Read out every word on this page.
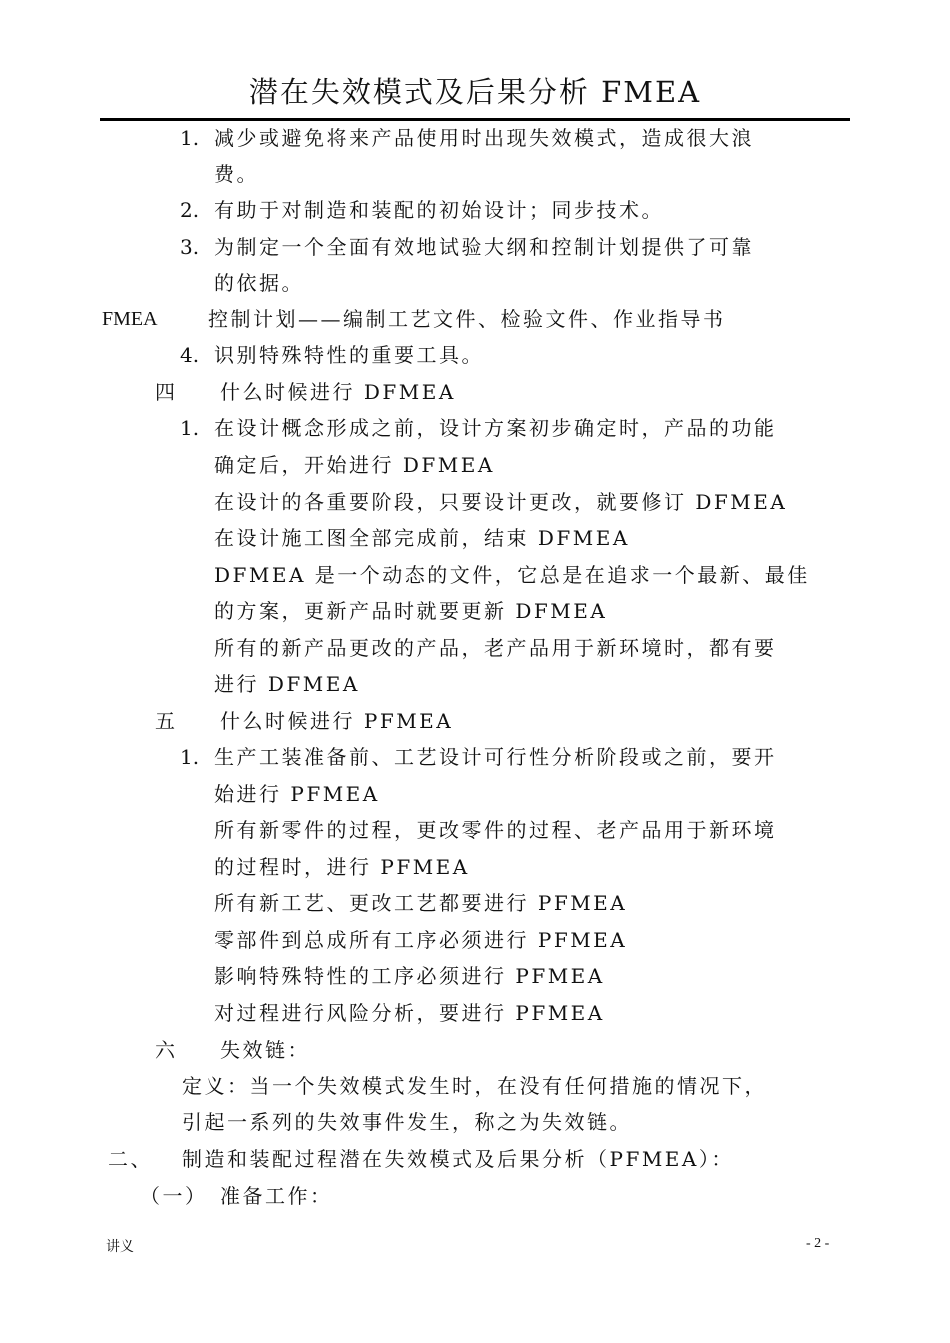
潜在失效模式及后果分析 FMEA
1. 减少或避免将来产品使用时出现失效模式，造成很大浪
费。
2. 有助于对制造和装配的初始设计；同步技术。
3. 为制定一个全面有效地试验大纲和控制计划提供了可靠
的依据。
FMEA	控制计划——编制工艺文件、检验文件、作业指导书
4. 识别特殊特性的重要工具。
四 什么时候进行 DFMEA
1. 在设计概念形成之前，设计方案初步确定时，产品的功能
确定后，开始进行 DFMEA
在设计的各重要阶段，只要设计更改，就要修订 DFMEA
在设计施工图全部完成前，结束 DFMEA
DFMEA 是一个动态的文件，它总是在追求一个最新、最佳
的方案，更新产品时就要更新 DFMEA
所有的新产品更改的产品，老产品用于新环境时，都有要
进行 DFMEA
五 什么时候进行 PFMEA
1. 生产工装准备前、工艺设计可行性分析阶段或之前，要开
始进行 PFMEA
所有新零件的过程，更改零件的过程、老产品用于新环境
的过程时，进行 PFMEA
所有新工艺、更改工艺都要进行 PFMEA
零部件到总成所有工序必须进行 PFMEA
影响特殊特性的工序必须进行 PFMEA
对过程进行风险分析，要进行 PFMEA
六 失效链：
定义：当一个失效模式发生时，在没有任何措施的情况下，
引起一系列的失效事件发生，称之为失效链。
二、 制造和装配过程潜在失效模式及后果分析（PFMEA）：
（一） 准备工作：
讲义	- 2 -
